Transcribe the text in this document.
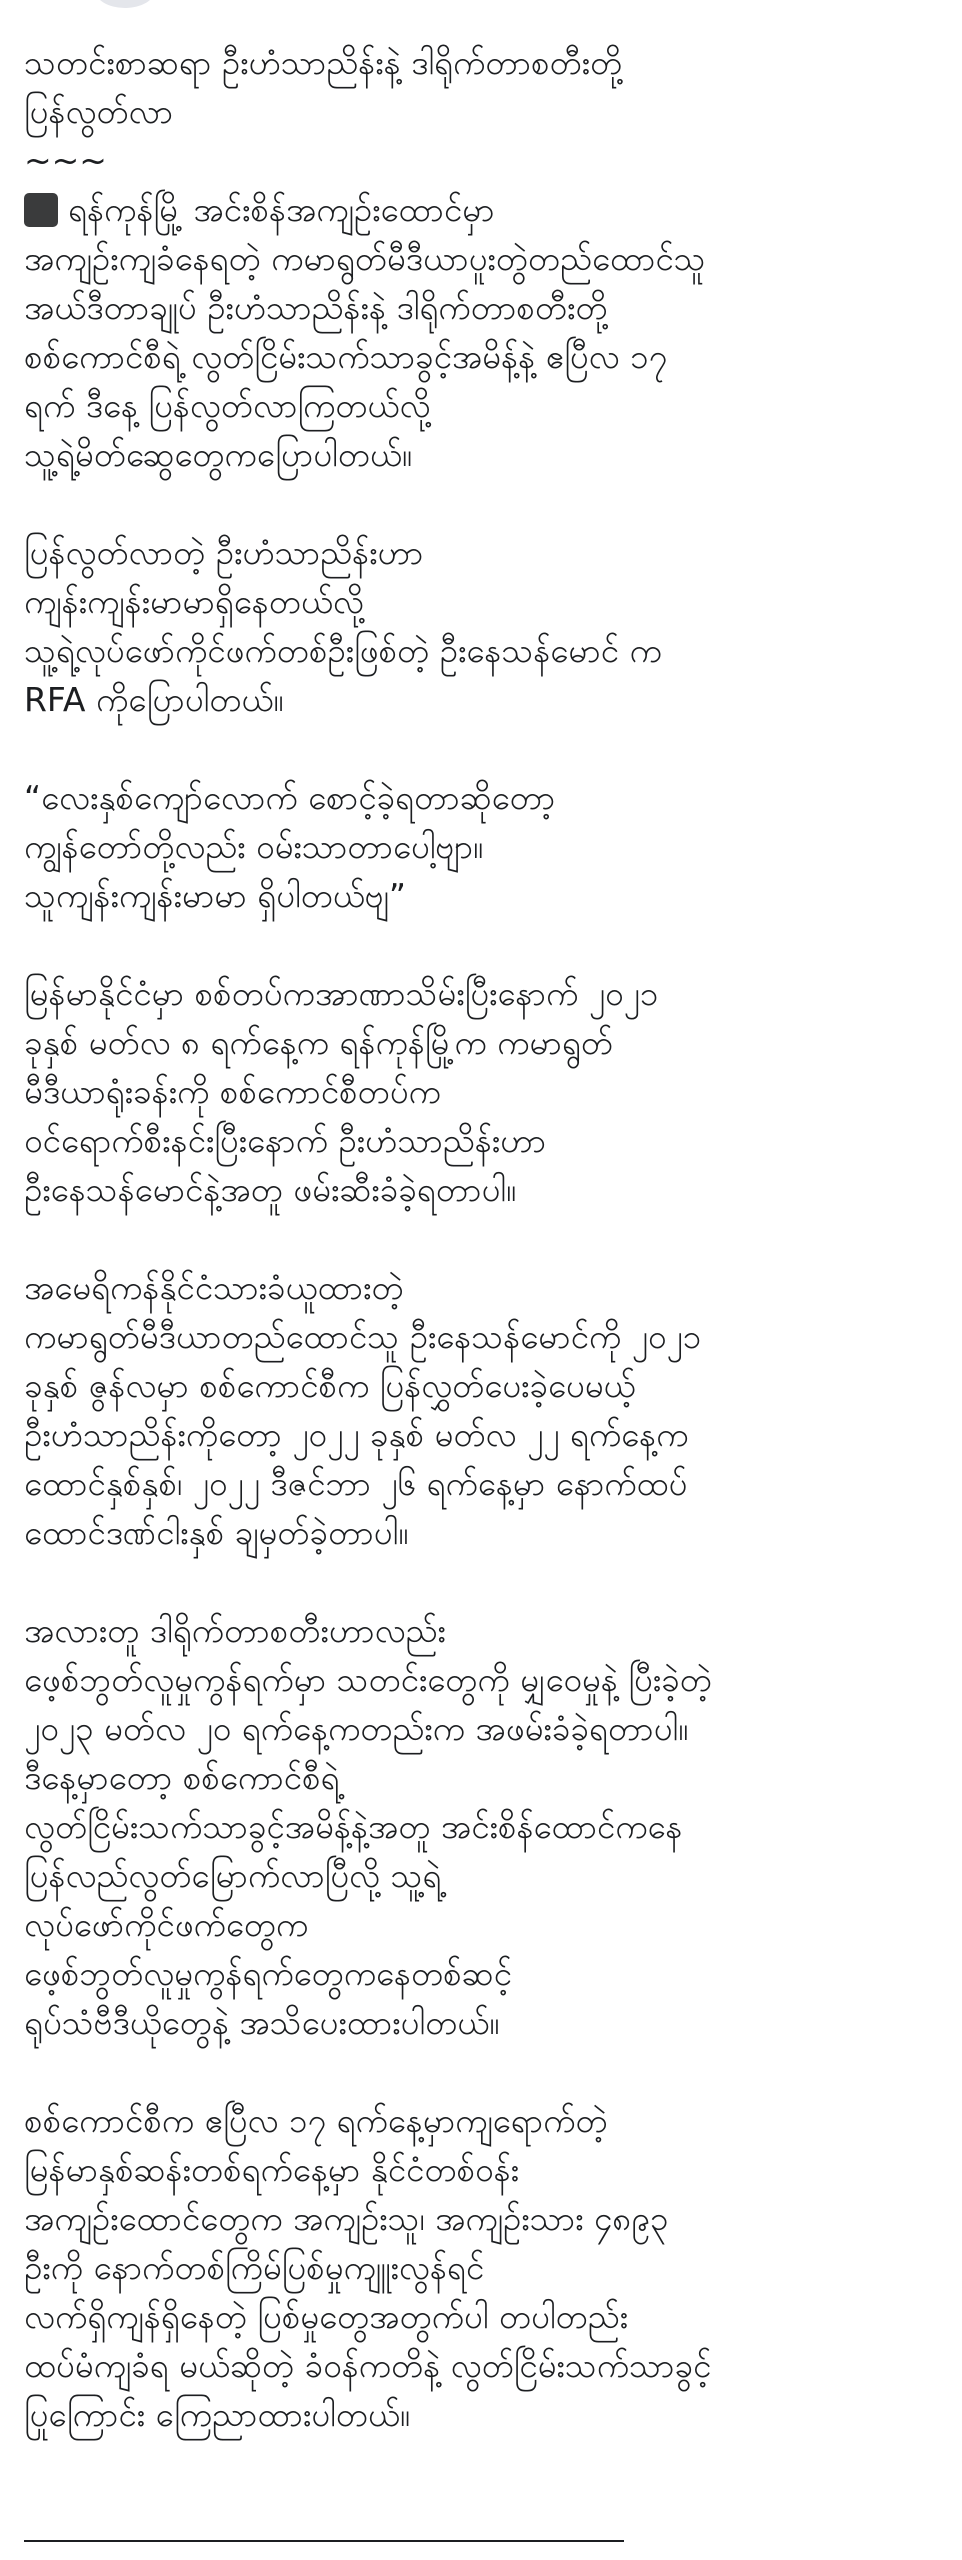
သတင်းစာဆရာ ဦးဟံသာညိန်းနဲ့ ဒါရိုက်တာစတီးတို့

ပြန်လွတ်လာ

~~~

ရန်ကုန်မြို့ အင်းစိန်အကျဉ်းထောင်မှာ
အကျဉ်းကျခံနေရတဲ့ ကမာရွတ်မီဒီယာပူးတွဲတည်ထောင်သူ
အယ်ဒီတာချုပ် ဦးဟံသာညိန်းနဲ့ ဒါရိုက်တာစတီးတို့
စစ်ကောင်စီရဲ့ လွတ်ငြိမ်းသက်သာခွင့်အမိန့်နဲ့ ဧပြီလ ၁၇
ရက် ဒီနေ့ ပြန်လွတ်လာကြတယ်လို့
သူ့ရဲ့မိတ်ဆွေတွေကပြောပါတယ်။

ပြန်လွတ်လာတဲ့ ဦးဟံသာညိန်းဟာ
ကျန်းကျန်းမာမာရှိနေတယ်လို့
သူ့ရဲ့လုပ်ဖော်ကိုင်ဖက်တစ်ဦးဖြစ်တဲ့ ဦးနေသန်မောင် က
RFA ကိုပြောပါတယ်။

“လေးနှစ်ကျော်လောက် စောင့်ခဲ့ရတာဆိုတော့
ကျွန်တော်တို့လည်း ဝမ်းသာတာပေါ့ဗျာ။
သူကျန်းကျန်းမာမာ ရှိပါတယ်ဗျ”

မြန်မာနိုင်ငံမှာ စစ်တပ်ကအာဏာသိမ်းပြီးနောက် ၂၀၂၁
ခုနှစ် မတ်လ ၈ ရက်နေ့က ရန်ကုန်မြို့က ကမာရွတ်
မီဒီယာရုံးခန်းကို စစ်ကောင်စီတပ်က
ဝင်ရောက်စီးနင်းပြီးနောက် ဦးဟံသာညိန်းဟာ
ဦးနေသန်မောင်နဲ့အတူ ဖမ်းဆီးခံခဲ့ရတာပါ။

အမေရိကန်နိုင်ငံသားခံယူထားတဲ့
ကမာရွတ်မီဒီယာတည်ထောင်သူ ဦးနေသန်မောင်ကို ၂၀၂၁
ခုနှစ် ဇွန်လမှာ စစ်ကောင်စီက ပြန်လွှတ်ပေးခဲ့ပေမယ့်
ဦးဟံသာညိန်းကိုတော့ ၂၀၂၂ ခုနှစ် မတ်လ ၂၂ ရက်နေ့က
ထောင်နှစ်နှစ်၊ ၂၀၂၂ ဒီဇင်ဘာ ၂၆ ရက်နေ့မှာ နောက်ထပ်
ထောင်ဒဏ်ငါးနှစ် ချမှတ်ခဲ့တာပါ။

အလားတူ ဒါရိုက်တာစတီးဟာလည်း
ဖေ့စ်ဘွတ်လူမှုကွန်ရက်မှာ သတင်းတွေကို မျှဝေမှုနဲ့ ပြီးခဲ့တဲ့
၂၀၂၃ မတ်လ ၂၀ ရက်နေ့ကတည်းက အဖမ်းခံခဲ့ရတာပါ။
ဒီနေ့မှာတော့ စစ်ကောင်စီရဲ့
လွတ်ငြိမ်းသက်သာခွင့်အမိန့်နဲ့အတူ အင်းစိန်ထောင်ကနေ
ပြန်လည်လွတ်မြောက်လာပြီလို့ သူ့ရဲ့
လုပ်ဖော်ကိုင်ဖက်တွေက
ဖေ့စ်ဘွတ်လူမှုကွန်ရက်တွေကနေတစ်ဆင့်
ရုပ်သံဗီဒီယိုတွေနဲ့ အသိပေးထားပါတယ်။

စစ်ကောင်စီက ဧပြီလ ၁၇ ရက်နေ့မှာကျရောက်တဲ့
မြန်မာနှစ်ဆန်းတစ်ရက်နေ့မှာ နိုင်ငံတစ်ဝန်း
အကျဉ်းထောင်တွေက အကျဉ်းသူ၊ အကျဉ်းသား ၄၈၉၃
ဦးကို နောက်တစ်ကြိမ်ပြစ်မှုကျူးလွန်ရင်
လက်ရှိကျန်ရှိနေတဲ့ ပြစ်မှုတွေအတွက်ပါ တပါတည်း
ထပ်မံကျခံရ မယ်ဆိုတဲ့ ခံဝန်ကတိနဲ့ လွတ်ငြိမ်းသက်သာခွင့်
ပြုကြောင်း ကြေညာထားပါတယ်။
